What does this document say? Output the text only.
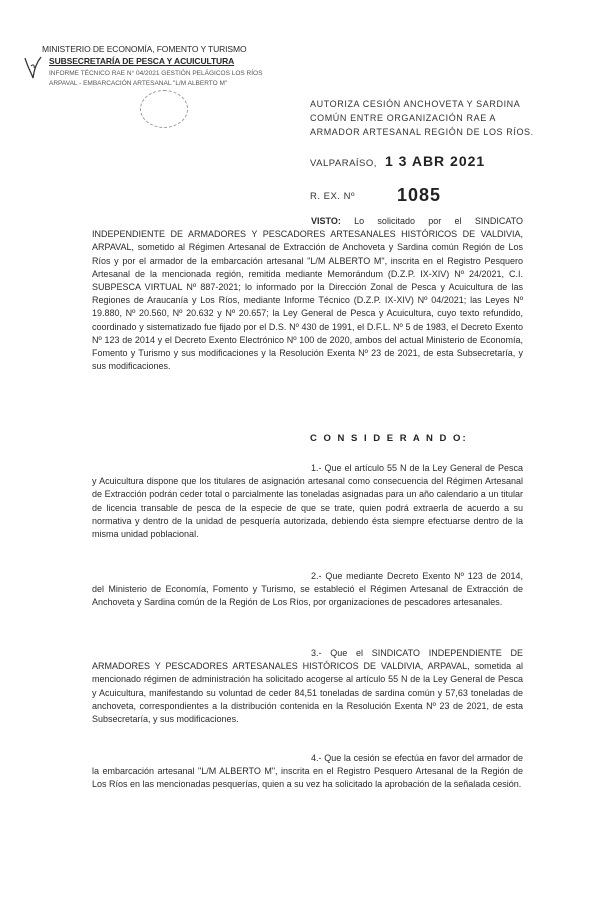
MINISTERIO DE ECONOMÍA, FOMENTO Y TURISMO
SUBSECRETARÍA DE PESCA Y ACUICULTURA
INFORME TÉCNICO RAE N° 04/2021 GESTIÓN PELÁGICOS LOS RÍOS
ARPAVAL - EMBARCACIÓN ARTESANAL "L/M ALBERTO M"
AUTORIZA CESIÓN ANCHOVETA Y SARDINA COMÚN ENTRE ORGANIZACIÓN RAE A ARMADOR ARTESANAL REGIÓN DE LOS RÍOS.
VALPARAÍSO, 1 3 ABR 2021
R. EX. Nº 1085
VISTO: Lo solicitado por el SINDICATO INDEPENDIENTE DE ARMADORES Y PESCADORES ARTESANALES HISTÓRICOS DE VALDIVIA, ARPAVAL, sometido al Régimen Artesanal de Extracción de Anchoveta y Sardina común Región de Los Ríos y por el armador de la embarcación artesanal "L/M ALBERTO M", inscrita en el Registro Pesquero Artesanal de la mencionada región, remitida mediante Memorándum (D.Z.P. IX-XIV) Nº 24/2021, C.I. SUBPESCA VIRTUAL Nº 887-2021; lo informado por la Dirección Zonal de Pesca y Acuicultura de las Regiones de Araucanía y Los Ríos, mediante Informe Técnico (D.Z.P. IX-XIV) Nº 04/2021; las Leyes Nº 19.880, Nº 20.560, Nº 20.632 y Nº 20.657; la Ley General de Pesca y Acuicultura, cuyo texto refundido, coordinado y sistematizado fue fijado por el D.S. Nº 430 de 1991, el D.F.L. Nº 5 de 1983, el Decreto Exento Nº 123 de 2014 y el Decreto Exento Electrónico Nº 100 de 2020, ambos del actual Ministerio de Economía, Fomento y Turismo y sus modificaciones y la Resolución Exenta Nº 23 de 2021, de esta Subsecretaría, y sus modificaciones.
C O N S I D E R A N D O:
1.- Que el artículo 55 N de la Ley General de Pesca y Acuicultura dispone que los titulares de asignación artesanal como consecuencia del Régimen Artesanal de Extracción podrán ceder total o parcialmente las toneladas asignadas para un año calendario a un titular de licencia transable de pesca de la especie de que se trate, quien podrá extraerla de acuerdo a su normativa y dentro de la unidad de pesquería autorizada, debiendo ésta siempre efectuarse dentro de la misma unidad poblacional.
2.- Que mediante Decreto Exento Nº 123 de 2014, del Ministerio de Economía, Fomento y Turismo, se estableció el Régimen Artesanal de Extracción de Anchoveta y Sardina común de la Región de Los Ríos, por organizaciones de pescadores artesanales.
3.- Que el SINDICATO INDEPENDIENTE DE ARMADORES Y PESCADORES ARTESANALES HISTÓRICOS DE VALDIVIA, ARPAVAL, sometida al mencionado régimen de administración ha solicitado acogerse al artículo 55 N de la Ley General de Pesca y Acuicultura, manifestando su voluntad de ceder 84,51 toneladas de sardina común y 57,63 toneladas de anchoveta, correspondientes a la distribución contenida en la Resolución Exenta Nº 23 de 2021, de esta Subsecretaría, y sus modificaciones.
4.- Que la cesión se efectúa en favor del armador de la embarcación artesanal "L/M ALBERTO M", inscrita en el Registro Pesquero Artesanal de la Región de Los Ríos en las mencionadas pesquerías, quien a su vez ha solicitado la aprobación de la señalada cesión.
